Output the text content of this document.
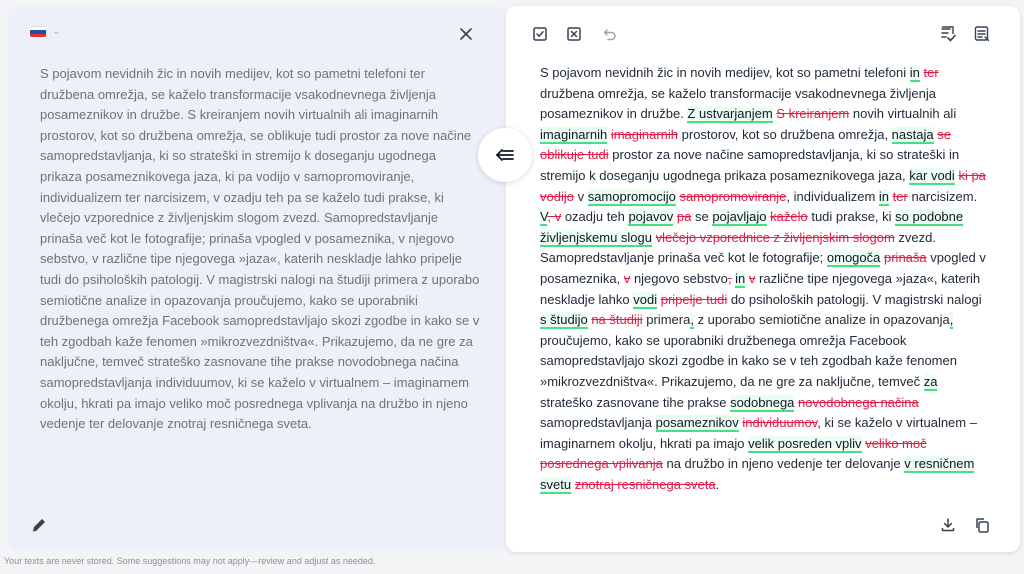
⌄
S pojavom nevidnih žic in novih medijev, kot so pametni telefoni ter družbena omrežja, se kaželo transformacije vsakodnevnega življenja posameznikov in družbe. S kreiranjem novih virtualnih ali imaginarnih prostorov, kot so družbena omrežja, se oblikuje tudi prostor za nove načine samopredstavljanja, ki so strateški in stremijo k doseganju ugodnega prikaza posameznikovega jaza, ki pa vodijo v samopromoviranje, individualizem ter narcisizem, v ozadju teh pa se kaželo tudi prakse, ki vlečejo vzporednice z življenjskim slogom zvezd. Samopredstavljanje prinaša več kot le fotografije; prinaša vpogled v posameznika, v njegovo sebstvo, v različne tipe njegovega »jaza«, katerih neskladje lahko pripelje tudi do psiholoških patologij. V magistrski nalogi na študiji primera z uporabo semiotične analize in opazovanja proučujemo, kako se uporabniki družbenega omrežja Facebook samopredstavljajo skozi zgodbe in kako se v teh zgodbah kaže fenomen »mikrozvezdništva«. Prikazujemo, da ne gre za naključne, temveč strateško zasnovane tihe prakse novodobnega načina samopredstavljanja individuumov, ki se kaželo v virtualnem – imaginarnem okolju, hkrati pa imajo veliko moč posrednega vplivanja na družbo in njeno vedenje ter delovanje znotraj resničnega sveta.
S pojavom nevidnih žic in novih medijev, kot so pametni telefoni in ter družbena omrežja, se kaželo transformacije vsakodnevnega življenja posameznikov in družbe. Z ustvarjanjem S kreiranjem novih virtualnih ali imaginarnih imaginarnih prostorov, kot so družbena omrežja, nastaja se oblikuje tudi prostor za nove načine samopredstavljanja, ki so strateški in stremijo k doseganju ugodnega prikaza posameznikovega jaza, kar vodi ki pa vodijo v samopromocijo samopromoviranje, individualizem in ter narcisizem. V, v ozadju teh pojavov pa se pojavljajo kaželo tudi prakse, ki so podobne življenjskemu slogu vlečejo vzporednice z življenjskim slogom zvezd. Samopredstavljanje prinaša več kot le fotografije; omogoča prinaša vpogled v posameznika, v njegovo sebstvo, in v različne tipe njegovega »jaza«, katerih neskladje lahko vodi pripelje tudi do psiholoških patologij. V magistrski nalogi s študijo na študiji primera, z uporabo semiotične analize in opazovanja, proučujemo, kako se uporabniki družbenega omrežja Facebook samopredstavljajo skozi zgodbe in kako se v teh zgodbah kaže fenomen »mikrozvezdništva«. Prikazujemo, da ne gre za naključne, temveč za strateško zasnovane tihe prakse sodobnega novodobnega načina samopredstavljanja posameznikov individuumov, ki se kaželo v virtualnem – imaginarnem okolju, hkrati pa imajo velik posreden vpliv veliko moč posrednega vplivanja na družbo in njeno vedenje ter delovanje v resničnem svetu znotraj resničnega sveta.
Your texts are never stored. Some suggestions may not apply—review and adjust as needed.
